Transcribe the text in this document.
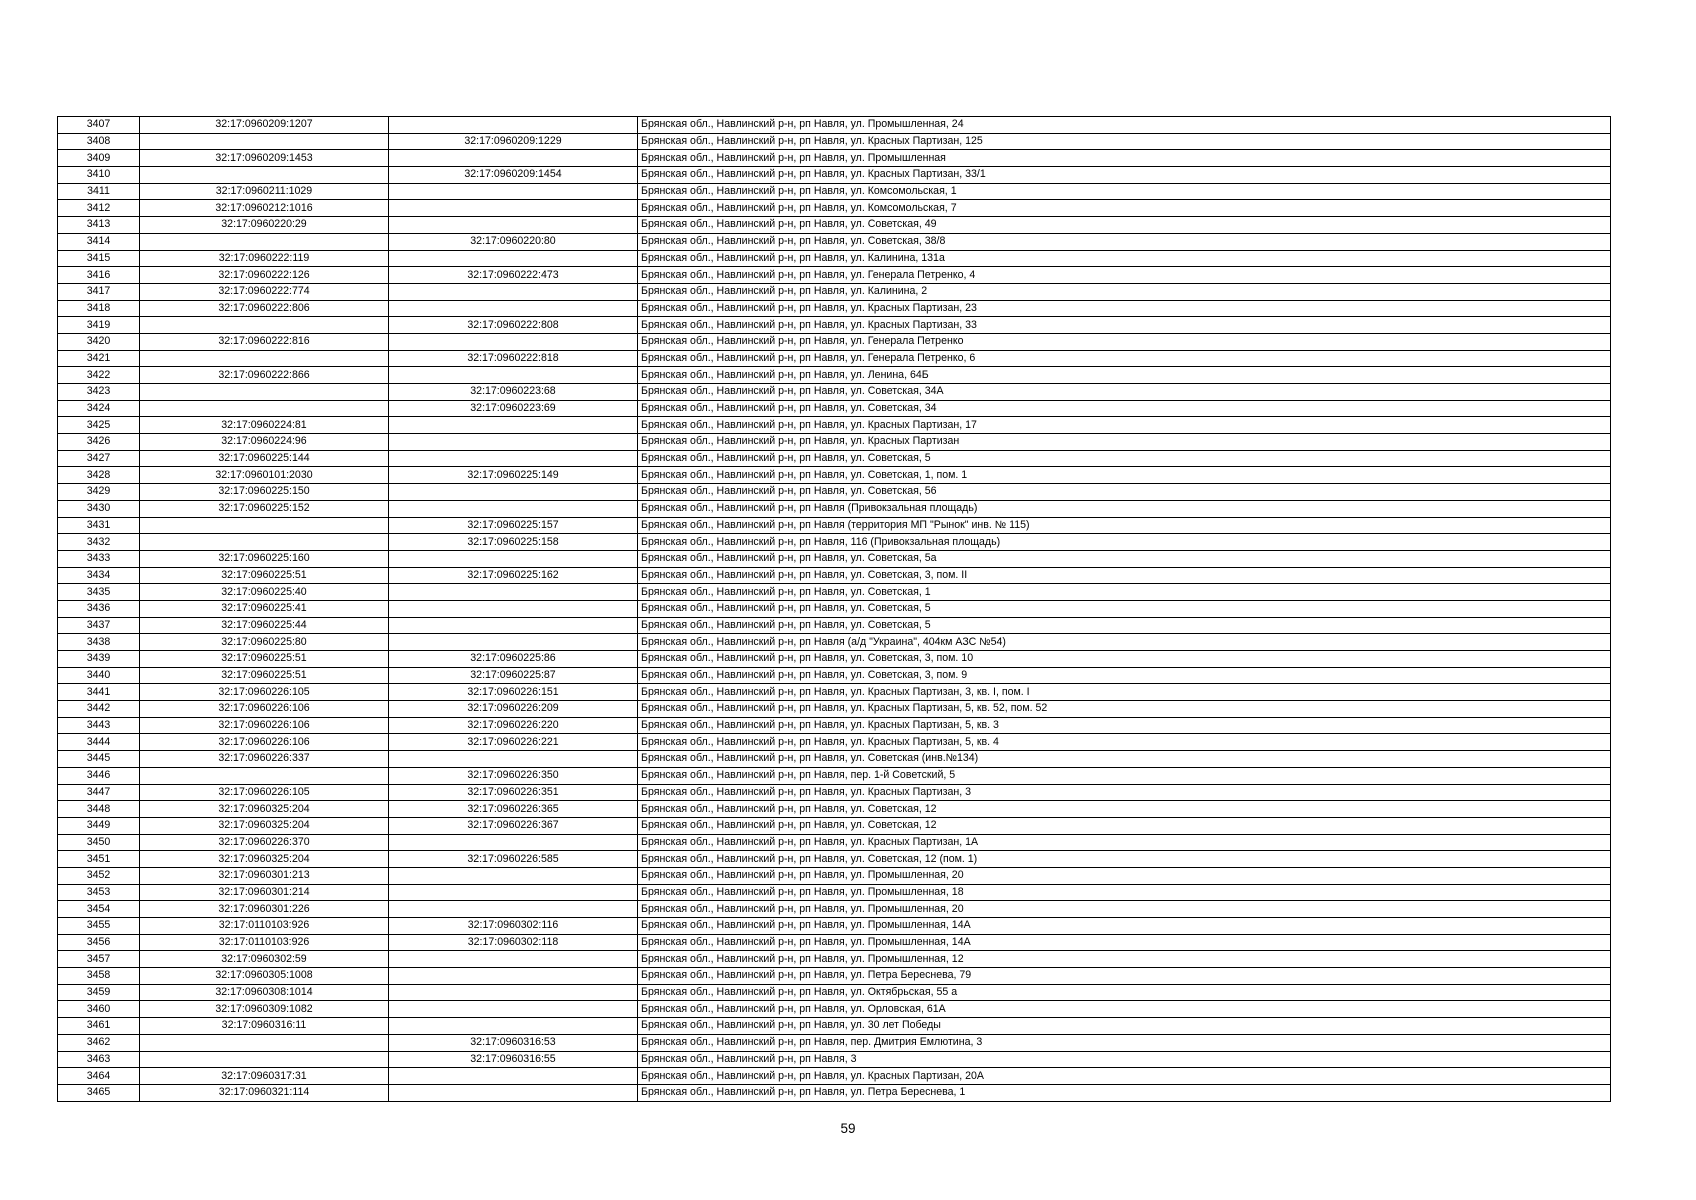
3407	32:17:0960209:1207		Брянская обл., Навлинский р-н, рп Навля, ул. Промышленная, 24
3408		32:17:0960209:1229	Брянская обл., Навлинский р-н, рп Навля, ул. Красных Партизан, 125
3409	32:17:0960209:1453		Брянская обл., Навлинский р-н, рп Навля, ул. Промышленная
3410		32:17:0960209:1454	Брянская обл., Навлинский р-н, рп Навля, ул. Красных Партизан, 33/1
3411	32:17:0960211:1029		Брянская обл., Навлинский р-н, рп Навля, ул. Комсомольская, 1
3412	32:17:0960212:1016		Брянская обл., Навлинский р-н, рп Навля, ул. Комсомольская, 7
3413	32:17:0960220:29		Брянская обл., Навлинский р-н, рп Навля, ул. Советская, 49
3414		32:17:0960220:80	Брянская обл., Навлинский р-н, рп Навля, ул. Советская, 38/8
3415	32:17:0960222:119		Брянская обл., Навлинский р-н, рп Навля, ул. Калинина, 131а
3416	32:17:0960222:126	32:17:0960222:473	Брянская обл., Навлинский р-н, рп Навля, ул. Генерала Петренко, 4
3417	32:17:0960222:774		Брянская обл., Навлинский р-н, рп Навля, ул. Калинина, 2
3418	32:17:0960222:806		Брянская обл., Навлинский р-н, рп Навля, ул. Красных Партизан, 23
3419		32:17:0960222:808	Брянская обл., Навлинский р-н, рп Навля, ул. Красных Партизан, 33
3420	32:17:0960222:816		Брянская обл., Навлинский р-н, рп Навля, ул. Генерала Петренко
3421		32:17:0960222:818	Брянская обл., Навлинский р-н, рп Навля, ул. Генерала Петренко, 6
3422	32:17:0960222:866		Брянская обл., Навлинский р-н, рп Навля, ул. Ленина, 64Б
3423		32:17:0960223:68	Брянская обл., Навлинский р-н, рп Навля, ул. Советская, 34А
3424		32:17:0960223:69	Брянская обл., Навлинский р-н, рп Навля, ул. Советская, 34
3425	32:17:0960224:81		Брянская обл., Навлинский р-н, рп Навля, ул. Красных Партизан, 17
3426	32:17:0960224:96		Брянская обл., Навлинский р-н, рп Навля, ул. Красных Партизан
3427	32:17:0960225:144		Брянская обл., Навлинский р-н, рп Навля, ул. Советская, 5
3428	32:17:0960101:2030	32:17:0960225:149	Брянская обл., Навлинский р-н, рп Навля, ул. Советская, 1, пом. 1
3429	32:17:0960225:150		Брянская обл., Навлинский р-н, рп Навля, ул. Советская, 56
3430	32:17:0960225:152		Брянская обл., Навлинский р-н, рп Навля (Привокзальная площадь)
3431		32:17:0960225:157	Брянская обл., Навлинский р-н, рп Навля (территория МП "Рынок" инв. № 115)
3432		32:17:0960225:158	Брянская обл., Навлинский р-н, рп Навля, 116 (Привокзальная площадь)
3433	32:17:0960225:160		Брянская обл., Навлинский р-н, рп Навля, ул. Советская, 5а
3434	32:17:0960225:51	32:17:0960225:162	Брянская обл., Навлинский р-н, рп Навля, ул. Советская, 3, пом. II
3435	32:17:0960225:40		Брянская обл., Навлинский р-н, рп Навля, ул. Советская, 1
3436	32:17:0960225:41		Брянская обл., Навлинский р-н, рп Навля, ул. Советская, 5
3437	32:17:0960225:44		Брянская обл., Навлинский р-н, рп Навля, ул. Советская, 5
3438	32:17:0960225:80		Брянская обл., Навлинский р-н, рп Навля (а/д "Украина", 404км АЗС №54)
3439	32:17:0960225:51	32:17:0960225:86	Брянская обл., Навлинский р-н, рп Навля, ул. Советская, 3, пом. 10
3440	32:17:0960225:51	32:17:0960225:87	Брянская обл., Навлинский р-н, рп Навля, ул. Советская, 3, пом. 9
3441	32:17:0960226:105	32:17:0960226:151	Брянская обл., Навлинский р-н, рп Навля, ул. Красных Партизан, 3, кв. I, пом. I
3442	32:17:0960226:106	32:17:0960226:209	Брянская обл., Навлинский р-н, рп Навля, ул. Красных Партизан, 5, кв. 52, пом. 52
3443	32:17:0960226:106	32:17:0960226:220	Брянская обл., Навлинский р-н, рп Навля, ул. Красных Партизан, 5, кв. 3
3444	32:17:0960226:106	32:17:0960226:221	Брянская обл., Навлинский р-н, рп Навля, ул. Красных Партизан, 5, кв. 4
3445	32:17:0960226:337		Брянская обл., Навлинский р-н, рп Навля, ул. Советская (инв.№134)
3446		32:17:0960226:350	Брянская обл., Навлинский р-н, рп Навля, пер. 1-й Советский, 5
3447	32:17:0960226:105	32:17:0960226:351	Брянская обл., Навлинский р-н, рп Навля, ул. Красных Партизан, 3
3448	32:17:0960325:204	32:17:0960226:365	Брянская обл., Навлинский р-н, рп Навля, ул. Советская, 12
3449	32:17:0960325:204	32:17:0960226:367	Брянская обл., Навлинский р-н, рп Навля, ул. Советская, 12
3450	32:17:0960226:370		Брянская обл., Навлинский р-н, рп Навля, ул. Красных Партизан, 1А
3451	32:17:0960325:204	32:17:0960226:585	Брянская обл., Навлинский р-н, рп Навля, ул. Советская, 12 (пом. 1)
3452	32:17:0960301:213		Брянская обл., Навлинский р-н, рп Навля, ул. Промышленная, 20
3453	32:17:0960301:214		Брянская обл., Навлинский р-н, рп Навля, ул. Промышленная, 18
3454	32:17:0960301:226		Брянская обл., Навлинский р-н, рп Навля, ул. Промышленная, 20
3455	32:17:0110103:926	32:17:0960302:116	Брянская обл., Навлинский р-н, рп Навля, ул. Промышленная, 14А
3456	32:17:0110103:926	32:17:0960302:118	Брянская обл., Навлинский р-н, рп Навля, ул. Промышленная, 14А
3457	32:17:0960302:59		Брянская обл., Навлинский р-н, рп Навля, ул. Промышленная, 12
3458	32:17:0960305:1008		Брянская обл., Навлинский р-н, рп Навля, ул. Петра Береснева, 79
3459	32:17:0960308:1014		Брянская обл., Навлинский р-н, рп Навля, ул. Октябрьская, 55 а
3460	32:17:0960309:1082		Брянская обл., Навлинский р-н, рп Навля, ул. Орловская, 61А
3461	32:17:0960316:11		Брянская обл., Навлинский р-н, рп Навля, ул. 30 лет Победы
3462		32:17:0960316:53	Брянская обл., Навлинский р-н, рп Навля, пер. Дмитрия Емлютина, 3
3463		32:17:0960316:55	Брянская обл., Навлинский р-н, рп Навля, 3
3464	32:17:0960317:31		Брянская обл., Навлинский р-н, рп Навля, ул. Красных Партизан, 20А
3465	32:17:0960321:114		Брянская обл., Навлинский р-н, рп Навля, ул. Петра Береснева, 1
59
